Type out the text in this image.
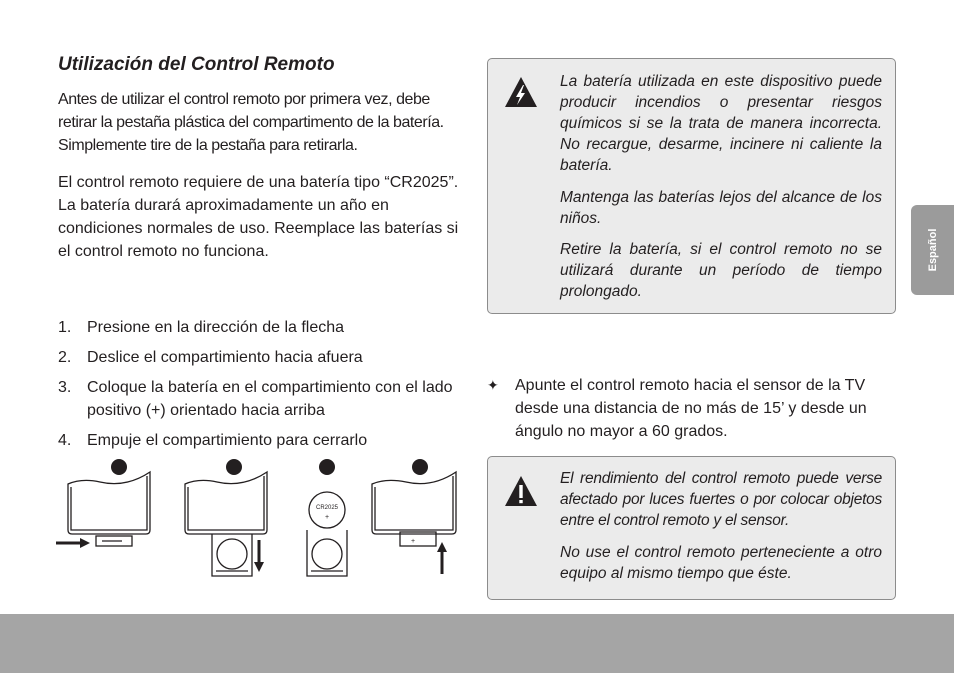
Utilización del Control Remoto

Antes de utilizar el control remoto por primera vez, debe retirar la pestaña plástica del compartimento de la batería. Simplemente tire de la pestaña para retirarla.

El control remoto requiere de una batería tipo “CR2025”. La batería durará aproximadamente un año en condiciones normales de uso. Reemplace las baterías si el control remoto no funciona.

1. Presione en la dirección de la flecha
2. Deslice el compartimiento hacia afuera
3. Coloque la batería en el compartimiento con el lado positivo (+) orientado hacia arriba
4. Empuje el compartimiento para cerrarlo
CR2025
+
+

La batería utilizada en este dispositivo puede producir incendios o presentar riesgos químicos si se la trata de manera incorrecta. No recargue, desarme, incinere ni caliente la batería.

Mantenga las baterías lejos del alcance de los niños.

Retire la batería, si el control remoto no se utilizará durante un período de tiempo prolongado.

✦ Apunte el control remoto hacia el sensor de la TV desde una distancia de no más de 15’ y desde un ángulo no mayor a 60 grados.

El rendimiento del control remoto puede verse afectado por luces fuertes o por colocar objetos entre el control remoto y el sensor.

No use el control remoto perteneciente a otro equipo al mismo tiempo que éste.

Español
